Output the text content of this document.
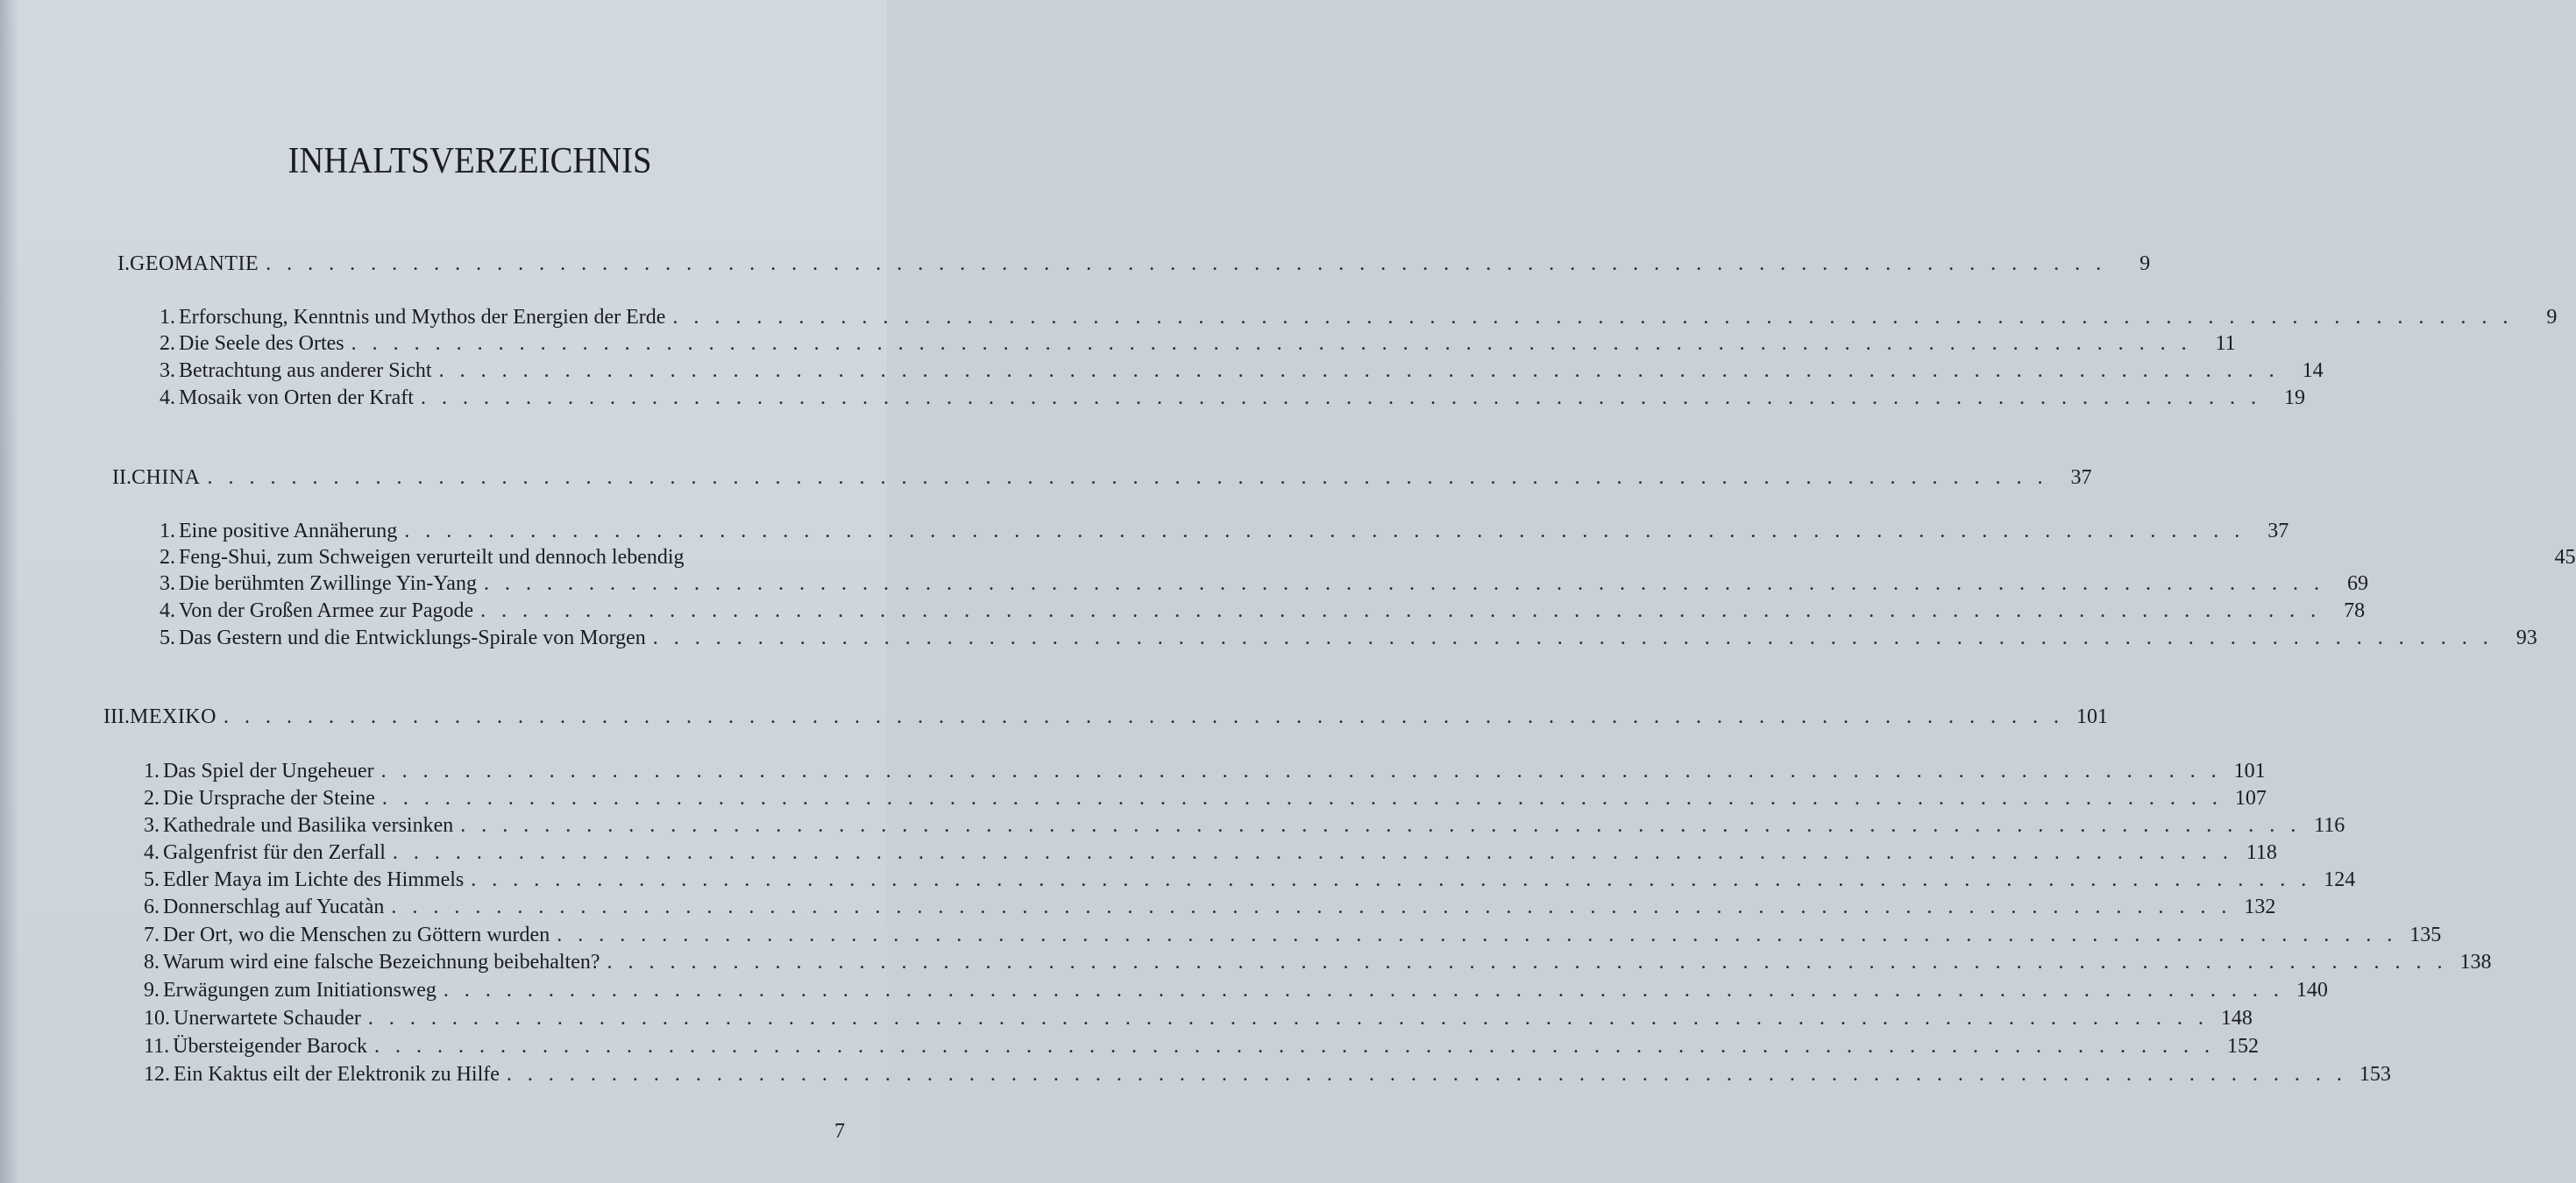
INHALTSVERZEICHNIS
I. GEOMANTIE . . . . . . . . . . . . . . . . . . . . . . . . . . . . . . . . . . . . . . . . . . . . . . . . . . . . . . . . . . . . . . . . . . . . . . . . . . . . . . . . . . . . . . . .	9
1. Erforschung, Kenntnis und Mythos der Energien der Erde . . . . . . . . . . . . . . . . . . . . . . . . . . . . . . . . . . . . . . . . . . . . . . . . . . . . . . . . . . . . . . . . . . . . . . . . . . . . . . . . . . . . . . . .	9
2. Die Seele des Ortes . . . . . . . . . . . . . . . . . . . . . . . . . . . . . . . . . . . . . . . . . . . . . . . . . . . . . . . . . . . . . . . . . . . . . . . . . . . . . . . . . . . . . . . .	11
3. Betrachtung aus anderer Sicht . . . . . . . . . . . . . . . . . . . . . . . . . . . . . . . . . . . . . . . . . . . . . . . . . . . . . . . . . . . . . . . . . . . . . . . . . . . . . . . . . . . . . . . .	14
4. Mosaik von Orten der Kraft . . . . . . . . . . . . . . . . . . . . . . . . . . . . . . . . . . . . . . . . . . . . . . . . . . . . . . . . . . . . . . . . . . . . . . . . . . . . . . . . . . . . . . . .	19
II. CHINA . . . . . . . . . . . . . . . . . . . . . . . . . . . . . . . . . . . . . . . . . . . . . . . . . . . . . . . . . . . . . . . . . . . . . . . . . . . . . . . . . . . . . . . .	37
1. Eine positive Annäherung . . . . . . . . . . . . . . . . . . . . . . . . . . . . . . . . . . . . . . . . . . . . . . . . . . . . . . . . . . . . . . . . . . . . . . . . . . . . . . . . . . . . . . . .	37
2. Feng-Shui, zum Schweigen verurteilt und dennoch lebendig	45
3. Die berühmten Zwillinge Yin-Yang . . . . . . . . . . . . . . . . . . . . . . . . . . . . . . . . . . . . . . . . . . . . . . . . . . . . . . . . . . . . . . . . . . . . . . . . . . . . . . . . . . . . . . . .	69
4. Von der Großen Armee zur Pagode . . . . . . . . . . . . . . . . . . . . . . . . . . . . . . . . . . . . . . . . . . . . . . . . . . . . . . . . . . . . . . . . . . . . . . . . . . . . . . . . . . . . . . . .	78
5. Das Gestern und die Entwicklungs-Spirale von Morgen . . . . . . . . . . . . . . . . . . . . . . . . . . . . . . . . . . . . . . . . . . . . . . . . . . . . . . . . . . . . . . . . . . . . . . . . . . . . . . . . . . . . . . . .	93
III. MEXIKO . . . . . . . . . . . . . . . . . . . . . . . . . . . . . . . . . . . . . . . . . . . . . . . . . . . . . . . . . . . . . . . . . . . . . . . . . . . . . . . . . . . . . . . . 101
1. Das Spiel der Ungeheuer . . . . . . . . . . . . . . . . . . . . . . . . . . . . . . . . . . . . . . . . . . . . . . . . . . . . . . . . . . . . . . . . . . . . . . . . . . . . . . . . . . . . . . . . 101
2. Die Ursprache der Steine . . . . . . . . . . . . . . . . . . . . . . . . . . . . . . . . . . . . . . . . . . . . . . . . . . . . . . . . . . . . . . . . . . . . . . . . . . . . . . . . . . . . . . . . 107
3. Kathedrale und Basilika versinken . . . . . . . . . . . . . . . . . . . . . . . . . . . . . . . . . . . . . . . . . . . . . . . . . . . . . . . . . . . . . . . . . . . . . . . . . . . . . . . . . . . . . . . . 116
4. Galgenfrist für den Zerfall . . . . . . . . . . . . . . . . . . . . . . . . . . . . . . . . . . . . . . . . . . . . . . . . . . . . . . . . . . . . . . . . . . . . . . . . . . . . . . . . . . . . . . . . 118
5. Edler Maya im Lichte des Himmels . . . . . . . . . . . . . . . . . . . . . . . . . . . . . . . . . . . . . . . . . . . . . . . . . . . . . . . . . . . . . . . . . . . . . . . . . . . . . . . . . . . . . . . . 124
6. Donnerschlag auf Yucatàn . . . . . . . . . . . . . . . . . . . . . . . . . . . . . . . . . . . . . . . . . . . . . . . . . . . . . . . . . . . . . . . . . . . . . . . . . . . . . . . . . . . . . . . . 132
7. Der Ort, wo die Menschen zu Göttern wurden . . . . . . . . . . . . . . . . . . . . . . . . . . . . . . . . . . . . . . . . . . . . . . . . . . . . . . . . . . . . . . . . . . . . . . . . . . . . . . . . . . . . . . . . 135
8. Warum wird eine falsche Bezeichnung beibehalten? . . . . . . . . . . . . . . . . . . . . . . . . . . . . . . . . . . . . . . . . . . . . . . . . . . . . . . . . . . . . . . . . . . . . . . . . . . . . . . . . . . . . . . . . 138
9. Erwägungen zum Initiationsweg . . . . . . . . . . . . . . . . . . . . . . . . . . . . . . . . . . . . . . . . . . . . . . . . . . . . . . . . . . . . . . . . . . . . . . . . . . . . . . . . . . . . . . . . 140
10. Unerwartete Schauder . . . . . . . . . . . . . . . . . . . . . . . . . . . . . . . . . . . . . . . . . . . . . . . . . . . . . . . . . . . . . . . . . . . . . . . . . . . . . . . . . . . . . . . . 148
11. Übersteigender Barock . . . . . . . . . . . . . . . . . . . . . . . . . . . . . . . . . . . . . . . . . . . . . . . . . . . . . . . . . . . . . . . . . . . . . . . . . . . . . . . . . . . . . . . . 152
12. Ein Kaktus eilt der Elektronik zu Hilfe . . . . . . . . . . . . . . . . . . . . . . . . . . . . . . . . . . . . . . . . . . . . . . . . . . . . . . . . . . . . . . . . . . . . . . . . . . . . . . . . . . . . . . . . 153
7
